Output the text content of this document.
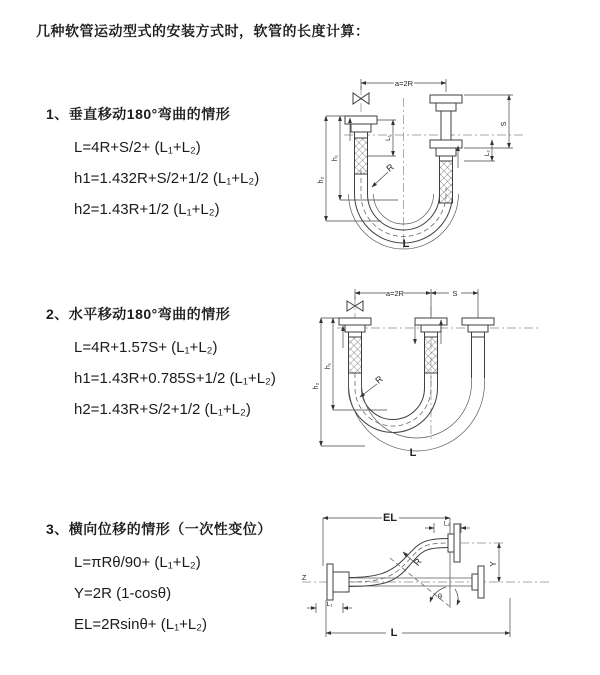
几种软管运动型式的安装方式时，软管的长度计算：

1、垂直移动180°弯曲的情形

L=4R+S/2+ (L₁+L₂)

h1=1.432R+S/2+1/2 (L₁+L₂)

h2=1.43R+1/2 (L₁+L₂)

2、水平移动180°弯曲的情形

L=4R+1.57S+ (L₁+L₂)

h1=1.43R+0.785S+1/2 (L₁+L₂)

h2=1.43R+S/2+1/2 (L₁+L₂)

3、横向位移的情形（一次性变位）

L=πRθ/90+ (L₁+L₂)

Y=2R (1-cosθ)

EL=2Rsinθ+ (L₁+L₂)

a=2R
S
L₂
L₁
h₁
h₂
R
L
a=2R	S
h₁
h₂
R
L
Z
EL	L₂
Y
L₁
θ
R
L
